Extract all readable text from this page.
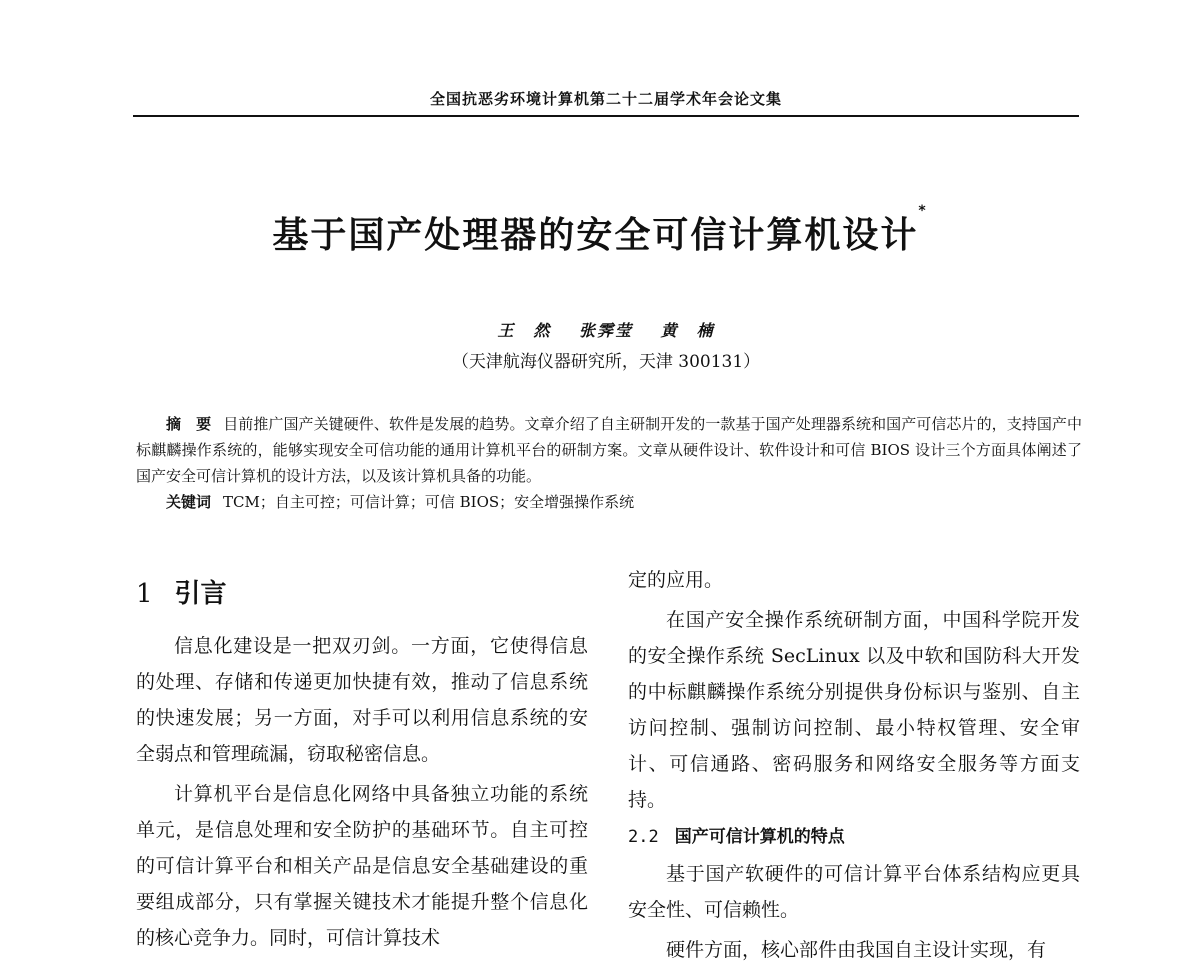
全国抗恶劣环境计算机第二十二届学术年会论文集
基于国产处理器的安全可信计算机设计*
王　然 张霁莹 黄　楠
（天津航海仪器研究所，天津 300131）

摘　要 目前推广国产关键硬件、软件是发展的趋势。文章介绍了自主研制开发的一款基于国产处理器系统和国产可信芯片的，支持国产中标麒麟操作系统的，能够实现安全可信功能的通用计算机平台的研制方案。文章从硬件设计、软件设计和可信 BIOS 设计三个方面具体阐述了国产安全可信计算机的设计方法，以及该计算机具备的功能。

关键词 TCM；自主可控；可信计算；可信 BIOS；安全增强操作系统

1 引言

信息化建设是一把双刃剑。一方面，它使得信息的处理、存储和传递更加快捷有效，推动了信息系统的快速发展；另一方面，对手可以利用信息系统的安全弱点和管理疏漏，窃取秘密信息。

计算机平台是信息化网络中具备独立功能的系统单元，是信息处理和安全防护的基础环节。自主可控的可信计算平台和相关产品是信息安全基础建设的重要组成部分，只有掌握关键技术才能提升整个信息化的核心竞争力。同时，可信计算技术

定的应用。

在国产安全操作系统研制方面，中国科学院开发的安全操作系统 SecLinux 以及中软和国防科大开发的中标麒麟操作系统分别提供身份标识与鉴别、自主访问控制、强制访问控制、最小特权管理、安全审计、可信通路、密码服务和网络安全服务等方面支持。

2.2 国产可信计算机的特点

基于国产软硬件的可信计算平台体系结构应更具安全性、可信赖性。

硬件方面，核心部件由我国自主设计实现，有
